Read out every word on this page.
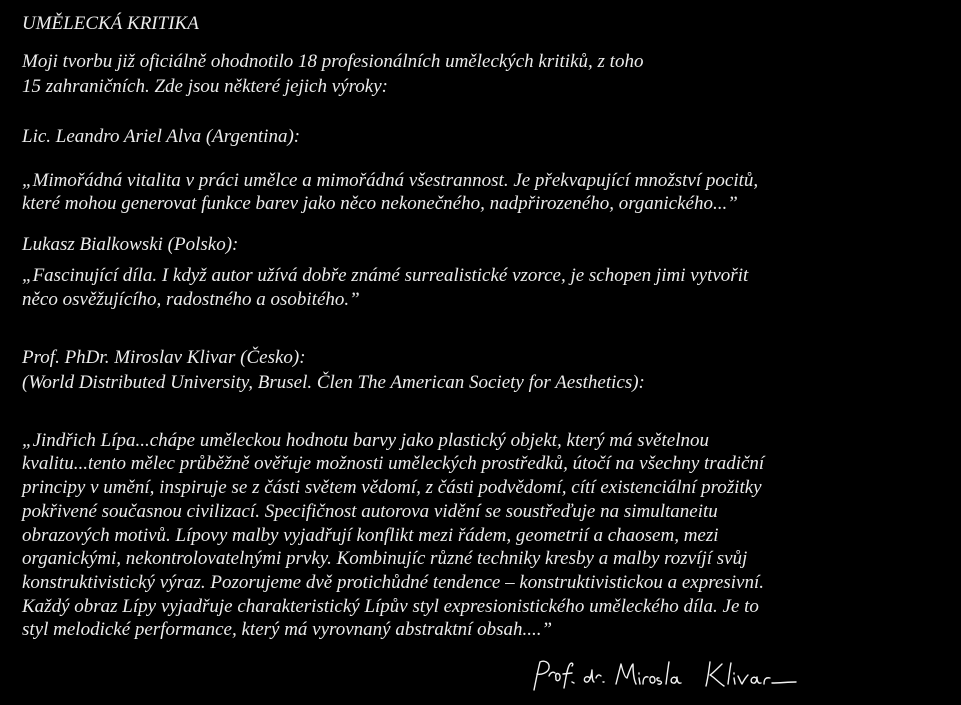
UMĚLECKÁ KRITIKA
Moji tvorbu již oficiálně ohodnotilo 18 profesionálních uměleckých kritiků, z toho
15 zahraničních. Zde jsou některé jejich výroky:
Lic. Leandro Ariel Alva (Argentina):
„Mimořádná vitalita v práci umělce a mimořádná všestrannost. Je překvapující množství pocitů,
které mohou generovat funkce barev jako něco nekonečného, nadpřirozeného, organického...”
Lukasz Bialkowski (Polsko):
„Fascinující díla. I když autor užívá dobře známé surrealistické vzorce, je schopen jimi vytvořit
něco osvěžujícího, radostného a osobitého.”
Prof. PhDr. Miroslav Klivar (Česko):
(World Distributed University, Brusel. Člen The American Society for Aesthetics):
„Jindřich Lípa...chápe uměleckou hodnotu barvy jako plastický objekt, který má světelnou
kvalitu...tento mělec průběžně ověřuje možnosti uměleckých prostředků, útočí na všechny tradiční
principy v umění, inspiruje se z části světem vědomí, z části podvědomí, cítí existenciální prožitky
pokřivené současnou civilizací. Specifičnost autorova vidění se soustřeďuje na simultaneitu
obrazových motivů. Lípovy malby vyjadřují konflikt mezi řádem, geometrií a chaosem, mezi
organickými, nekontrolovatelnými prvky. Kombinujíc různé techniky kresby a malby rozvíjí svůj
konstruktivistický výraz. Pozorujeme dvě protichůdné tendence – konstruktivistickou a expresivní.
Každý obraz Lípy vyjadřuje charakteristický Lípův styl expresionistického uměleckého díla. Je to
styl melodické performance, který má vyrovnaný abstraktní obsah....”
